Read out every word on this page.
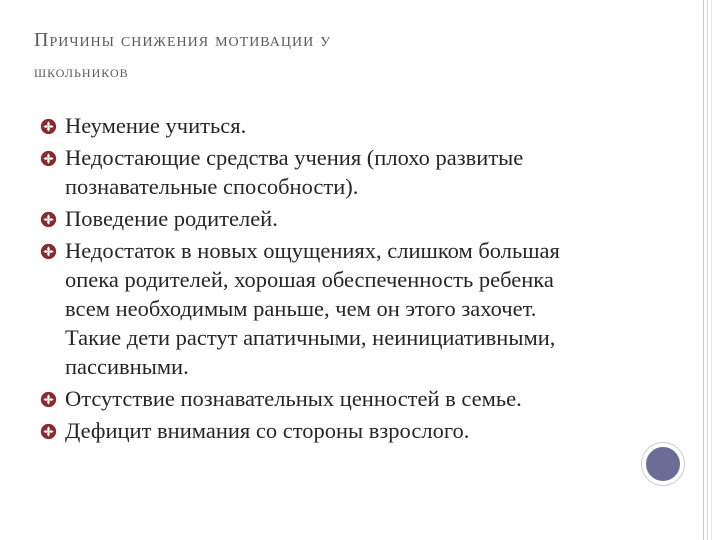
Причины снижения мотивации у
школьников
Неумение учиться.
Недостающие средства учения (плохо развитые познавательные способности).
Поведение родителей.
Недостаток в новых ощущениях, слишком большая опека родителей, хорошая обеспеченность ребенка всем необходимым раньше, чем он этого захочет. Такие дети растут апатичными, неинициативными, пассивными.
Отсутствие познавательных ценностей в семье.
Дефицит внимания со стороны взрослого.
